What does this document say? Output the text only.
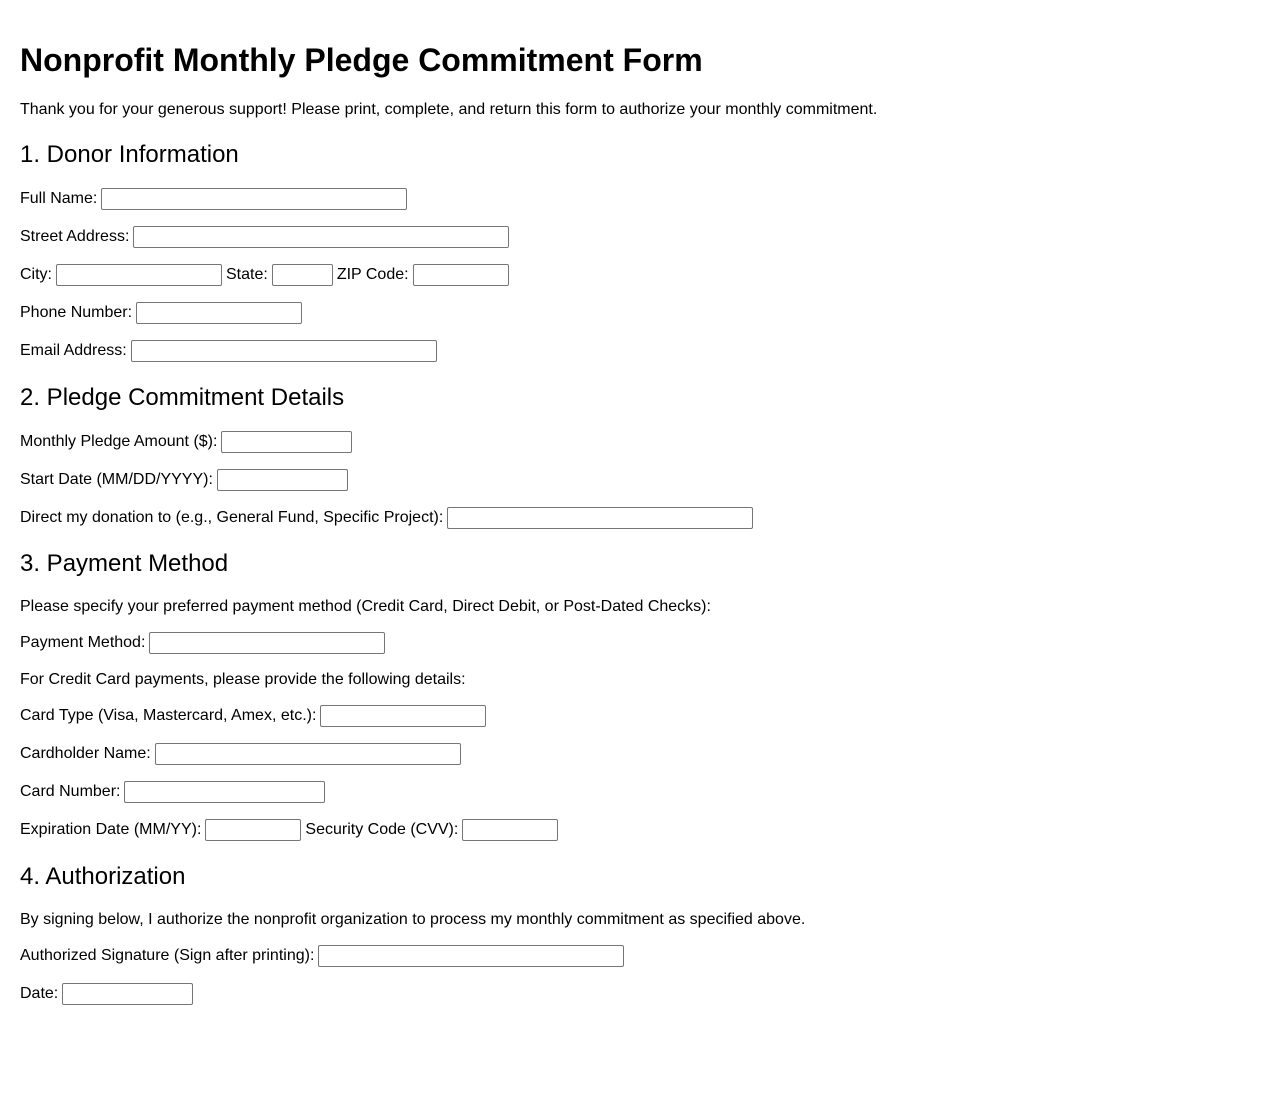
Nonprofit Monthly Pledge Commitment Form

Thank you for your generous support! Please print, complete, and return this form to authorize your monthly commitment.

1. Donor Information
Full Name:
Street Address:
City:	State:	ZIP Code:
Phone Number:
Email Address:
2. Pledge Commitment Details
Monthly Pledge Amount ($):
Start Date (MM/DD/YYYY):
Direct my donation to (e.g., General Fund, Specific Project):
3. Payment Method

Please specify your preferred payment method (Credit Card, Direct Debit, or Post-Dated Checks):

Payment Method:

For Credit Card payments, please provide the following details:

Card Type (Visa, Mastercard, Amex, etc.):
Cardholder Name:
Card Number:
Expiration Date (MM/YY):	Security Code (CVV):
4. Authorization

By signing below, I authorize the nonprofit organization to process my monthly commitment as specified above.

Authorized Signature (Sign after printing):
Date:
